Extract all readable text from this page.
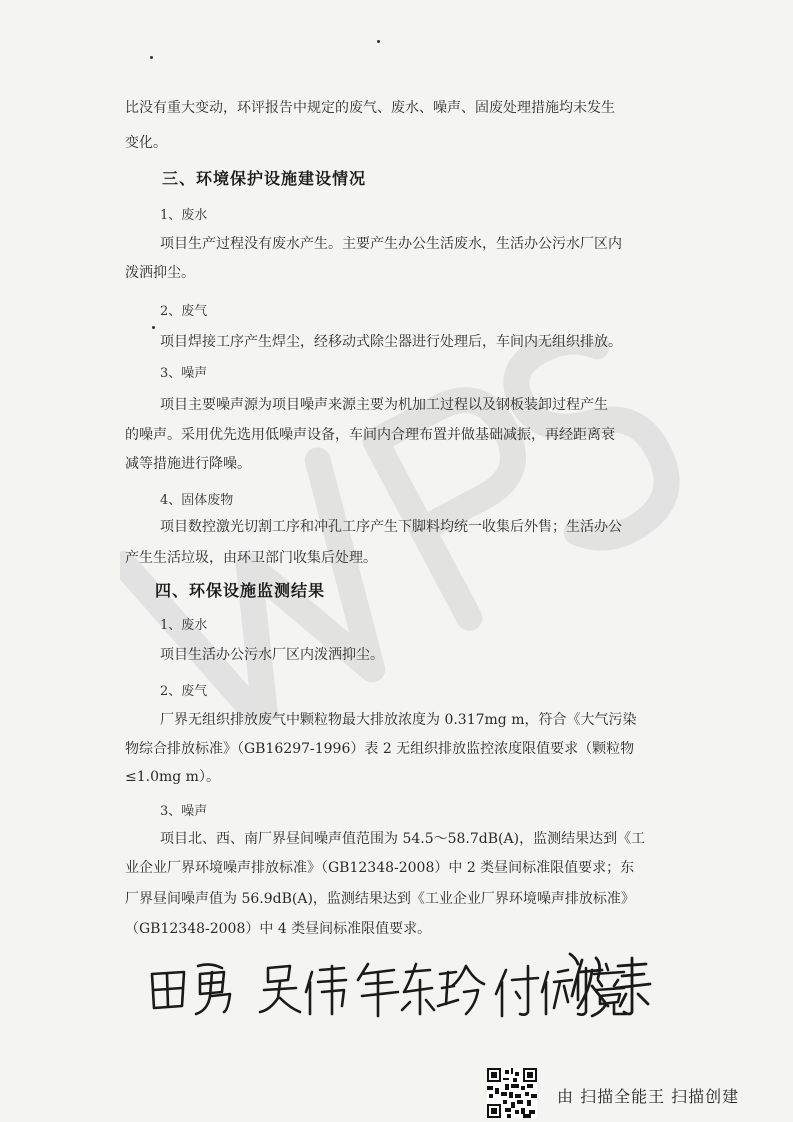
比没有重大变动，环评报告中规定的废气、废水、噪声、固废处理措施均未发生
变化。
三、环境保护设施建设情况
1、废水
项目生产过程没有废水产生。主要产生办公生活废水，生活办公污水厂区内
泼洒抑尘。
2、废气
项目焊接工序产生焊尘，经移动式除尘器进行处理后，车间内无组织排放。
3、噪声
项目主要噪声源为项目噪声来源主要为机加工过程以及钢板装卸过程产生
的噪声。采用优先选用低噪声设备，车间内合理布置并做基础减振，再经距离衰
减等措施进行降噪。
4、固体废物
项目数控激光切割工序和冲孔工序产生下脚料均统一收集后外售；生活办公
产生生活垃圾，由环卫部门收集后处理。
四、环保设施监测结果
1、废水
项目生活办公污水厂区内泼洒抑尘。
2、废气
厂界无组织排放废气中颗粒物最大排放浓度为 0.317mg m，符合《大气污染
物综合排放标准》（GB16297-1996）表 2 无组织排放监控浓度限值要求（颗粒物
≤1.0mg m）。
3、噪声
项目北、西、南厂界昼间噪声值范围为 54.5～58.7dB(A)，监测结果达到《工
业企业厂界环境噪声排放标准》（GB12348-2008）中 2 类昼间标准限值要求；东
厂界昼间噪声值为 56.9dB(A)，监测结果达到《工业企业厂界环境噪声排放标准》
（GB12348-2008）中 4 类昼间标准限值要求。
由 扫描全能王 扫描创建
